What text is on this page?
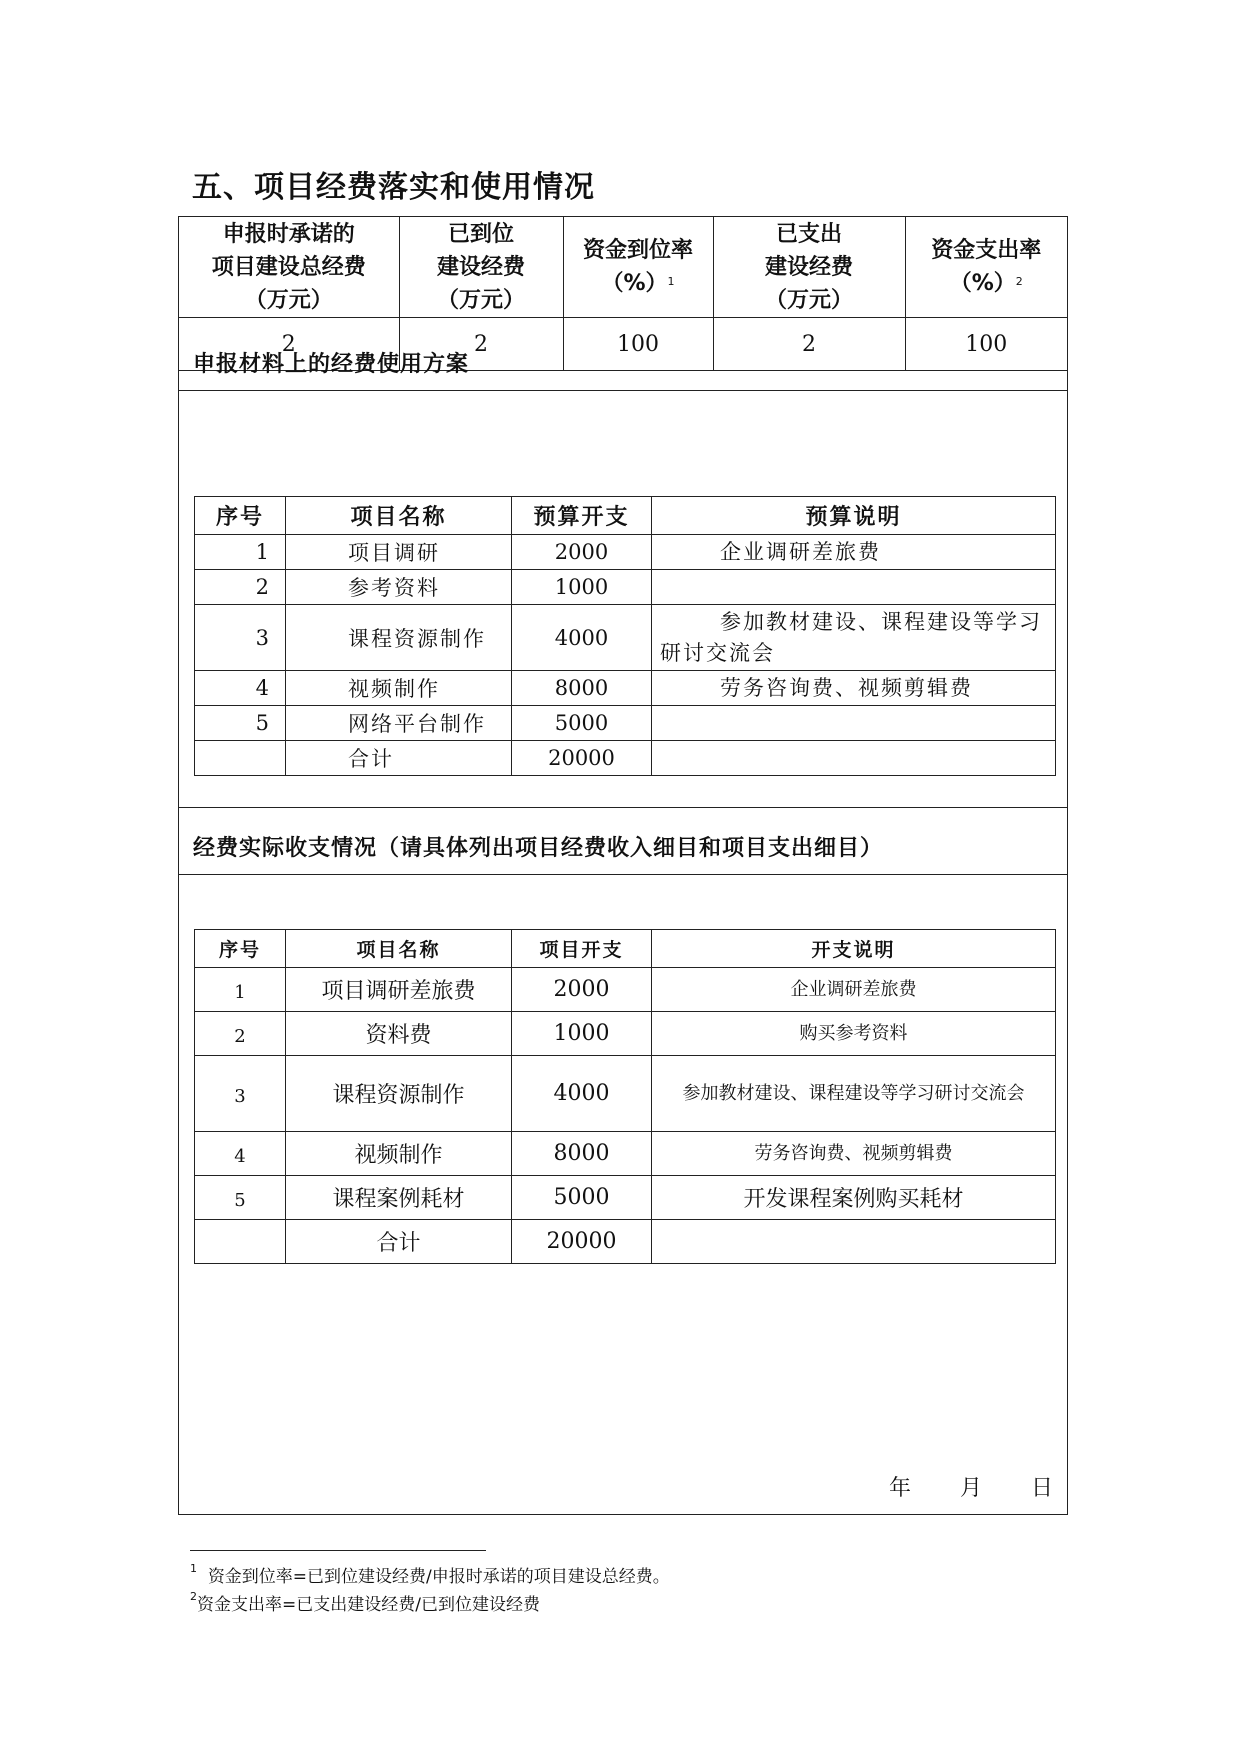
五、项目经费落实和使用情况
申报时承诺的
项目建设总经费
（万元）	已到位
建设经费
（万元）	资金到位率
（%）$^1$	已支出
建设经费
（万元）	资金支出率
（%）$^2$

2	2	100	2	100

申报材料上的经费使用方案

序号	项目名称	预算开支	预算说明
1	项目调研	2000	企业调研差旅费
2	参考资料	1000	
3	课程资源制作	4000	参加教材建设、课程建设等学习研讨交流会
4	视频制作	8000	劳务咨询费、视频剪辑费
5	网络平台制作	5000	
	合计	20000	

经费实际收支情况（请具体列出项目经费收入细目和项目支出细目）

序号	项目名称	项目开支	开支说明
1	项目调研差旅费	2000	企业调研差旅费
2	资料费	1000	购买参考资料
3	课程资源制作	4000	参加教材建设、课程建设等学习研讨交流会
4	视频制作	8000	劳务咨询费、视频剪辑费
5	课程案例耗材	5000	开发课程案例购买耗材
	合计	20000	
年 月 日

$^1$ 资金到位率=已到位建设经费/申报时承诺的项目建设总经费。

$^2$资金支出率=已支出建设经费/已到位建设经费
